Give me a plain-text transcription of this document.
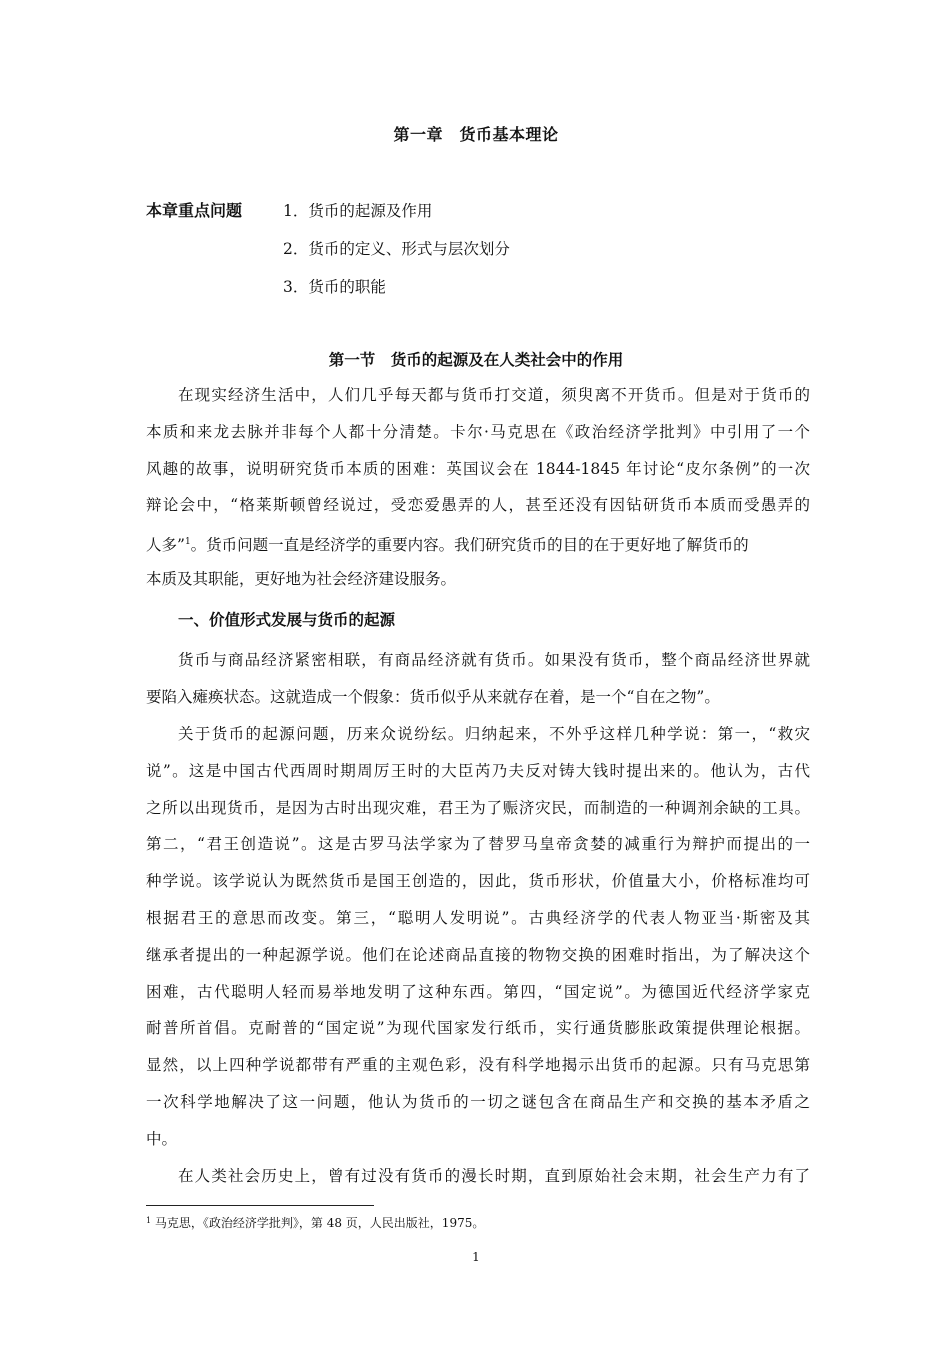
第一章　货币基本理论
本章重点问题	1．货币的起源及作用
2．货币的定义、形式与层次划分
3．货币的职能
第一节　货币的起源及在人类社会中的作用
在现实经济生活中，人们几乎每天都与货币打交道，须臾离不开货币。但是对于货币的
本质和来龙去脉并非每个人都十分清楚。卡尔·马克思在《政治经济学批判》中引用了一个
风趣的故事，说明研究货币本质的困难：英国议会在 1844-1845 年讨论“皮尔条例”的一次
辩论会中，“格莱斯顿曾经说过，受恋爱愚弄的人，甚至还没有因钻研货币本质而受愚弄的
人多”$^1$。货币问题一直是经济学的重要内容。我们研究货币的目的在于更好地了解货币的
本质及其职能，更好地为社会经济建设服务。
一、价值形式发展与货币的起源
货币与商品经济紧密相联，有商品经济就有货币。如果没有货币，整个商品经济世界就
要陷入瘫痪状态。这就造成一个假象：货币似乎从来就存在着，是一个“自在之物”。
关于货币的起源问题，历来众说纷纭。归纳起来，不外乎这样几种学说：第一，“救灾
说”。这是中国古代西周时期周厉王时的大臣芮乃夫反对铸大钱时提出来的。他认为，古代
之所以出现货币，是因为古时出现灾难，君王为了赈济灾民，而制造的一种调剂余缺的工具。
第二，“君王创造说”。这是古罗马法学家为了替罗马皇帝贪婪的减重行为辩护而提出的一
种学说。该学说认为既然货币是国王创造的，因此，货币形状，价值量大小，价格标准均可
根据君王的意思而改变。第三，“聪明人发明说”。古典经济学的代表人物亚当·斯密及其
继承者提出的一种起源学说。他们在论述商品直接的物物交换的困难时指出，为了解决这个
困难，古代聪明人轻而易举地发明了这种东西。第四，“国定说”。为德国近代经济学家克
耐普所首倡。克耐普的“国定说”为现代国家发行纸币，实行通货膨胀政策提供理论根据。
显然，以上四种学说都带有严重的主观色彩，没有科学地揭示出货币的起源。只有马克思第
一次科学地解决了这一问题，他认为货币的一切之谜包含在商品生产和交换的基本矛盾之
中。
在人类社会历史上，曾有过没有货币的漫长时期，直到原始社会末期，社会生产力有了
$^1$ 马克思，《政治经济学批判》，第 48 页，人民出版社，1975。
1
